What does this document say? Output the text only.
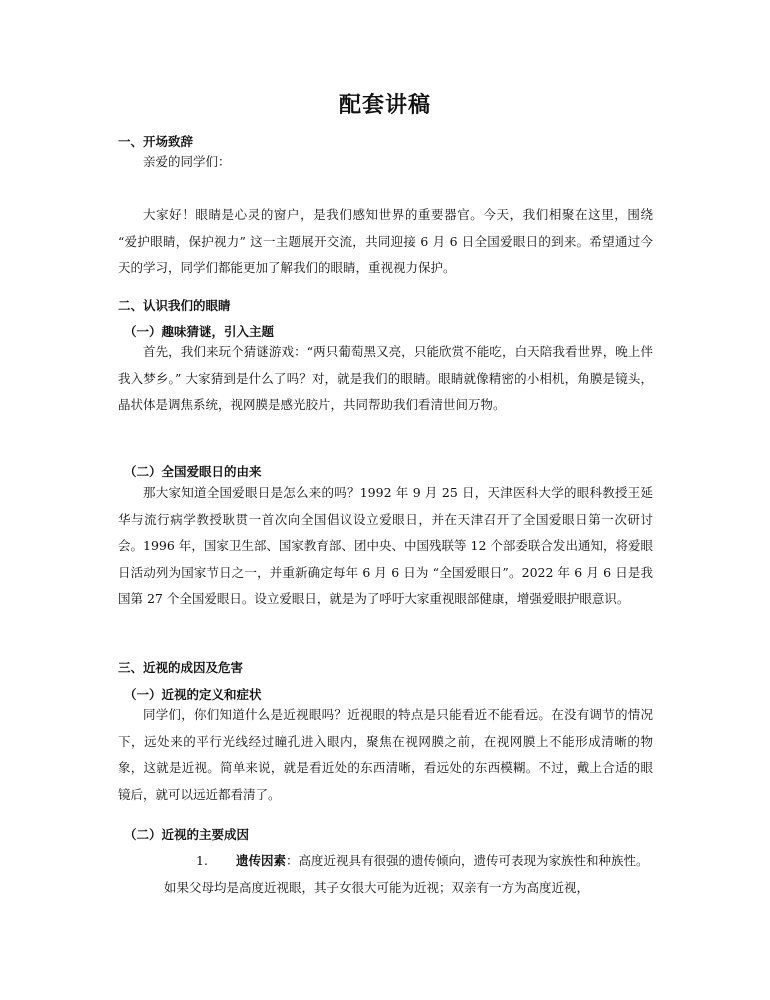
配套讲稿
一、开场致辞

亲爱的同学们：

大家好！眼睛是心灵的窗户，是我们感知世界的重要器官。今天，我们相聚在这里，围绕 “爱护眼睛，保护视力” 这一主题展开交流，共同迎接 6 月 6 日全国爱眼日的到来。希望通过今天的学习，同学们都能更加了解我们的眼睛，重视视力保护。

二、认识我们的眼睛
（一）趣味猜谜，引入主题

首先，我们来玩个猜谜游戏：“两只葡萄黑又亮，只能欣赏不能吃，白天陪我看世界，晚上伴我入梦乡。” 大家猜到是什么了吗？对，就是我们的眼睛。眼睛就像精密的小相机，角膜是镜头，晶状体是调焦系统，视网膜是感光胶片，共同帮助我们看清世间万物。

（二）全国爱眼日的由来

那大家知道全国爱眼日是怎么来的吗？1992 年 9 月 25 日，天津医科大学的眼科教授王延华与流行病学教授耿贯一首次向全国倡议设立爱眼日，并在天津召开了全国爱眼日第一次研讨会。1996 年，国家卫生部、国家教育部、团中央、中国残联等 12 个部委联合发出通知，将爱眼日活动列为国家节日之一，并重新确定每年 6 月 6 日为 “全国爱眼日”。2022 年 6 月 6 日是我国第 27 个全国爱眼日。设立爱眼日，就是为了呼吁大家重视眼部健康，增强爱眼护眼意识。

三、近视的成因及危害
（一）近视的定义和症状

同学们，你们知道什么是近视眼吗？近视眼的特点是只能看近不能看远。在没有调节的情况下，远处来的平行光线经过瞳孔进入眼内，聚焦在视网膜之前，在视网膜上不能形成清晰的物象，这就是近视。简单来说，就是看近处的东西清晰，看远处的东西模糊。不过，戴上合适的眼镜后，就可以远近都看清了。

（二）近视的主要成因

1. 遗传因素：高度近视具有很强的遗传倾向，遗传可表现为家族性和种族性。如果父母均是高度近视眼，其子女很大可能为近视；双亲有一方为高度近视，
